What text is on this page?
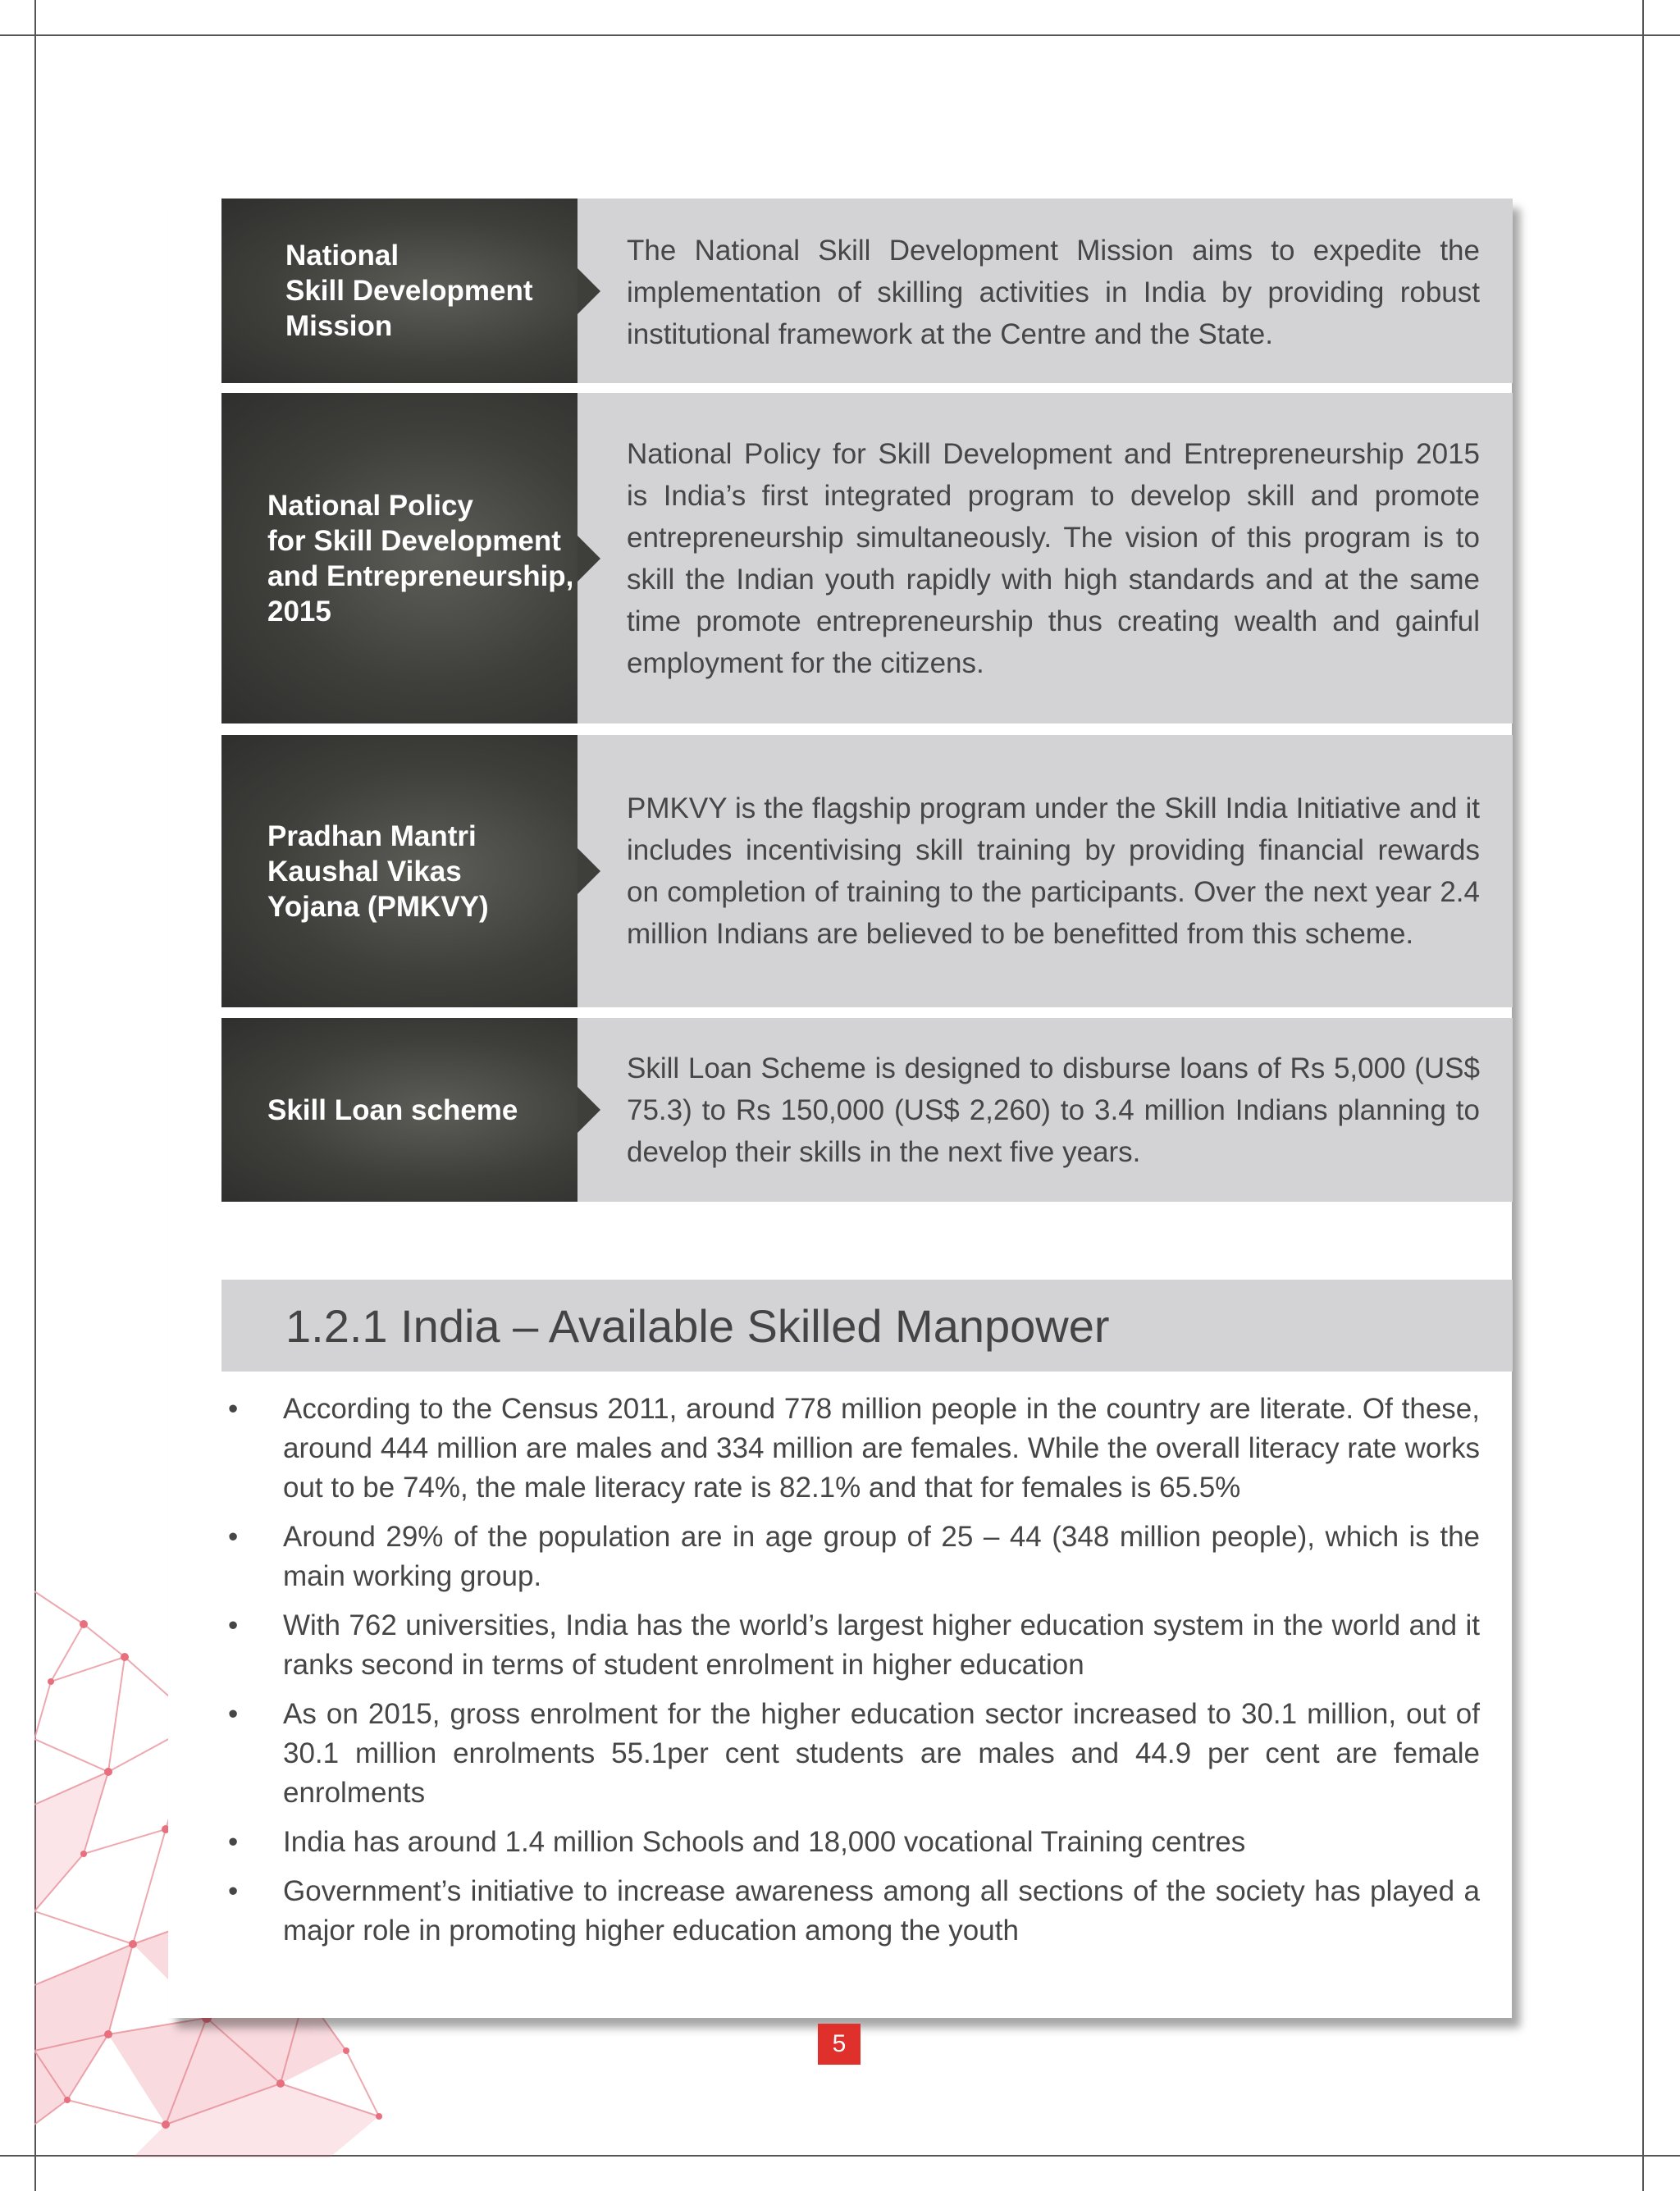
National
Skill Development
Mission
The National Skill Development Mission aims to expedite the implementation of skilling activities in India by providing robust institutional framework at the Centre and the State.
National Policy
for Skill Development
and Entrepreneurship,
2015
National Policy for Skill Development and Entrepreneurship 2015 is India’s first integrated program to develop skill and promote entrepreneurship simultaneously. The vision of this program is to skill the Indian youth rapidly with high standards and at the same time promote entrepreneurship thus creating wealth and gainful employment for the citizens.
Pradhan Mantri
Kaushal Vikas
Yojana (PMKVY)
PMKVY is the flagship program under the Skill India Initiative and it includes incentivising skill training by providing financial rewards on completion of training to the participants. Over the next year 2.4 million Indians are believed to be benefitted from this scheme.
Skill Loan scheme
Skill Loan Scheme is designed to disburse loans of Rs 5,000 (US$ 75.3) to Rs 150,000 (US$ 2,260) to 3.4 million Indians planning to develop their skills in the next five years.
1.2.1 India – Available Skilled Manpower
• According to the Census 2011, around 778 million people in the country are literate. Of these, around 444 million are males and 334 million are females. While the overall literacy rate works out to be 74%, the male literacy rate is 82.1% and that for females is 65.5%
• Around 29% of the population are in age group of 25 – 44 (348 million people), which is the main working group.
• With 762 universities, India has the world’s largest higher education system in the world and it ranks second in terms of student enrolment in higher education
• As on 2015, gross enrolment for the higher education sector increased to 30.1 million, out of 30.1 million enrolments 55.1per cent students are males and 44.9 per cent are female enrolments
• India has around 1.4 million Schools and 18,000 vocational Training centres
• Government’s initiative to increase awareness among all sections of the society has played a major role in promoting higher education among the youth
5
